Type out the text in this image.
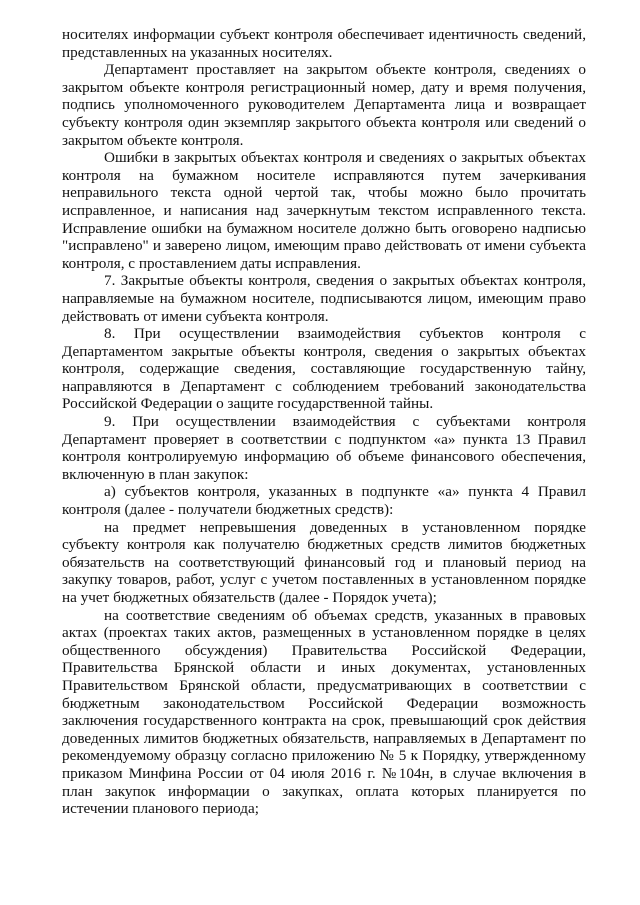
носителях информации субъект контроля обеспечивает идентичность сведений, представленных на указанных носителях.

Департамент проставляет на закрытом объекте контроля, сведениях о закрытом объекте контроля регистрационный номер, дату и время получения, подпись уполномоченного руководителем Департамента лица и возвращает субъекту контроля один экземпляр закрытого объекта контроля или сведений о закрытом объекте контроля.

Ошибки в закрытых объектах контроля и сведениях о закрытых объектах контроля на бумажном носителе исправляются путем зачеркивания неправильного текста одной чертой так, чтобы можно было прочитать исправленное, и написания над зачеркнутым текстом исправленного текста. Исправление ошибки на бумажном носителе должно быть оговорено надписью "исправлено" и заверено лицом, имеющим право действовать от имени субъекта контроля, с проставлением даты исправления.

7. Закрытые объекты контроля, сведения о закрытых объектах контроля, направляемые на бумажном носителе, подписываются лицом, имеющим право действовать от имени субъекта контроля.

8. При осуществлении взаимодействия субъектов контроля с Департаментом закрытые объекты контроля, сведения о закрытых объектах контроля, содержащие сведения, составляющие государственную тайну, направляются в Департамент с соблюдением требований законодательства Российской Федерации о защите государственной тайны.

9. При осуществлении взаимодействия с субъектами контроля Департамент проверяет в соответствии с подпунктом «а» пункта 13 Правил контроля контролируемую информацию об объеме финансового обеспечения, включенную в план закупок:

а) субъектов контроля, указанных в подпункте «а» пункта 4 Правил контроля (далее - получатели бюджетных средств):

на предмет непревышения доведенных в установленном порядке субъекту контроля как получателю бюджетных средств лимитов бюджетных обязательств на соответствующий финансовый год и плановый период на закупку товаров, работ, услуг с учетом поставленных в установленном порядке на учет бюджетных обязательств (далее - Порядок учета);

на соответствие сведениям об объемах средств, указанных в правовых актах (проектах таких актов, размещенных в установленном порядке в целях общественного обсуждения) Правительства Российской Федерации, Правительства Брянской области и иных документах, установленных Правительством Брянской области, предусматривающих в соответствии с бюджетным законодательством Российской Федерации возможность заключения государственного контракта на срок, превышающий срок действия доведенных лимитов бюджетных обязательств, направляемых в Департамент по рекомендуемому образцу согласно приложению № 5 к Порядку, утвержденному приказом Минфина России от 04 июля 2016 г. №104н, в случае включения в план закупок информации о закупках, оплата которых планируется по истечении планового периода;
